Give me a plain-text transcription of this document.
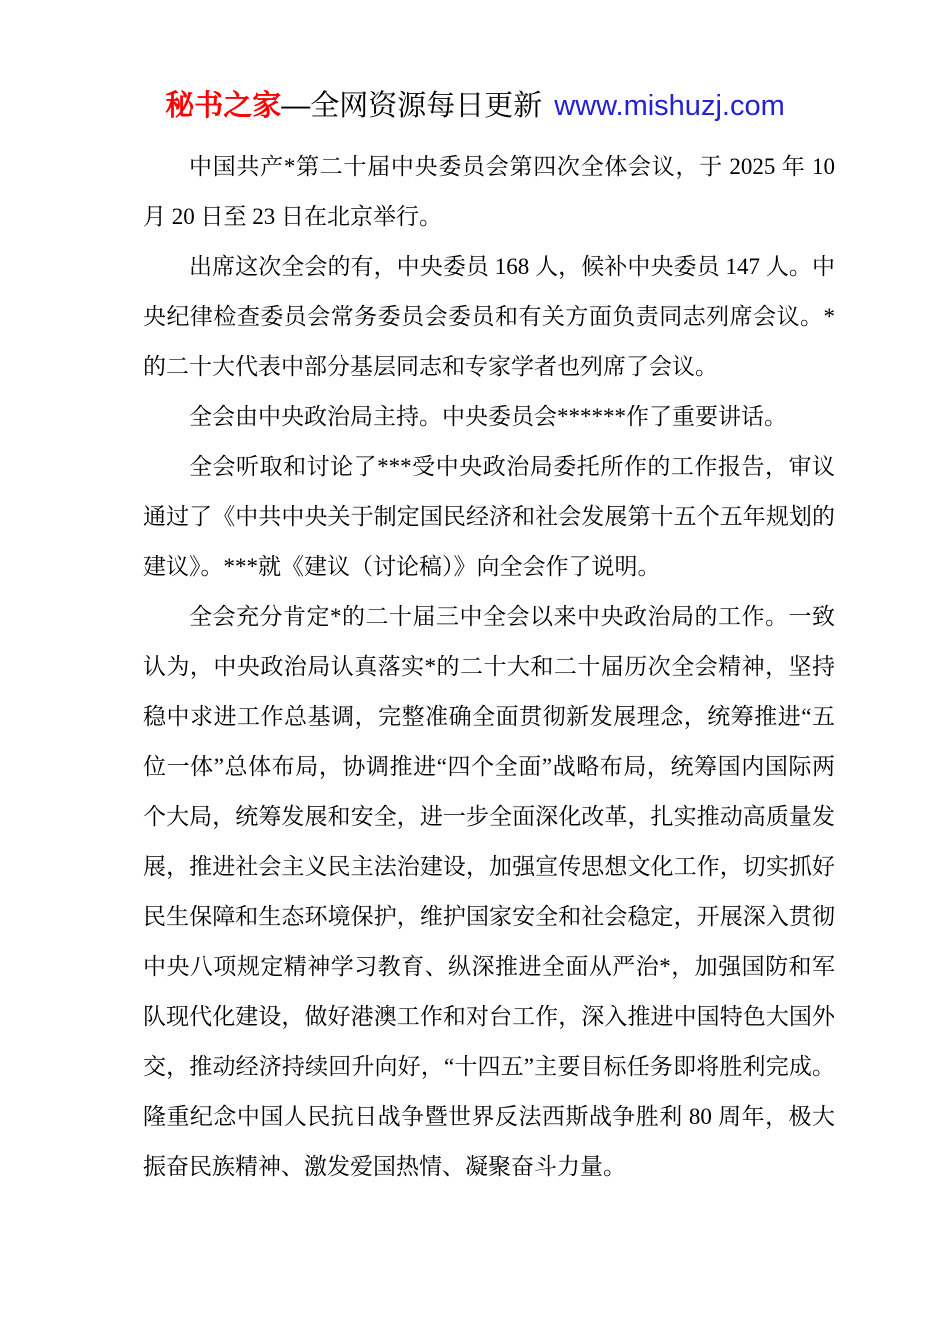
秘书之家—全网资源每日更新 www.mishuzj.com

中国共产*第二十届中央委员会第四次全体会议，于 2025 年 10 月 20 日至 23 日在北京举行。

出席这次全会的有，中央委员 168 人，候补中央委员 147 人。中央纪律检查委员会常务委员会委员和有关方面负责同志列席会议。*的二十大代表中部分基层同志和专家学者也列席了会议。

全会由中央政治局主持。中央委员会******作了重要讲话。

全会听取和讨论了***受中央政治局委托所作的工作报告，审议通过了《中共中央关于制定国民经济和社会发展第十五个五年规划的建议》。***就《建议（讨论稿）》向全会作了说明。

全会充分肯定*的二十届三中全会以来中央政治局的工作。一致认为，中央政治局认真落实*的二十大和二十届历次全会精神，坚持稳中求进工作总基调，完整准确全面贯彻新发展理念，统筹推进“五位一体”总体布局，协调推进“四个全面”战略布局，统筹国内国际两个大局，统筹发展和安全，进一步全面深化改革，扎实推动高质量发展，推进社会主义民主法治建设，加强宣传思想文化工作，切实抓好民生保障和生态环境保护，维护国家安全和社会稳定，开展深入贯彻中央八项规定精神学习教育、纵深推进全面从严治*，加强国防和军队现代化建设，做好港澳工作和对台工作，深入推进中国特色大国外交，推动经济持续回升向好，“十四五”主要目标任务即将胜利完成。隆重纪念中国人民抗日战争暨世界反法西斯战争胜利 80 周年，极大振奋民族精神、激发爱国热情、凝聚奋斗力量。
